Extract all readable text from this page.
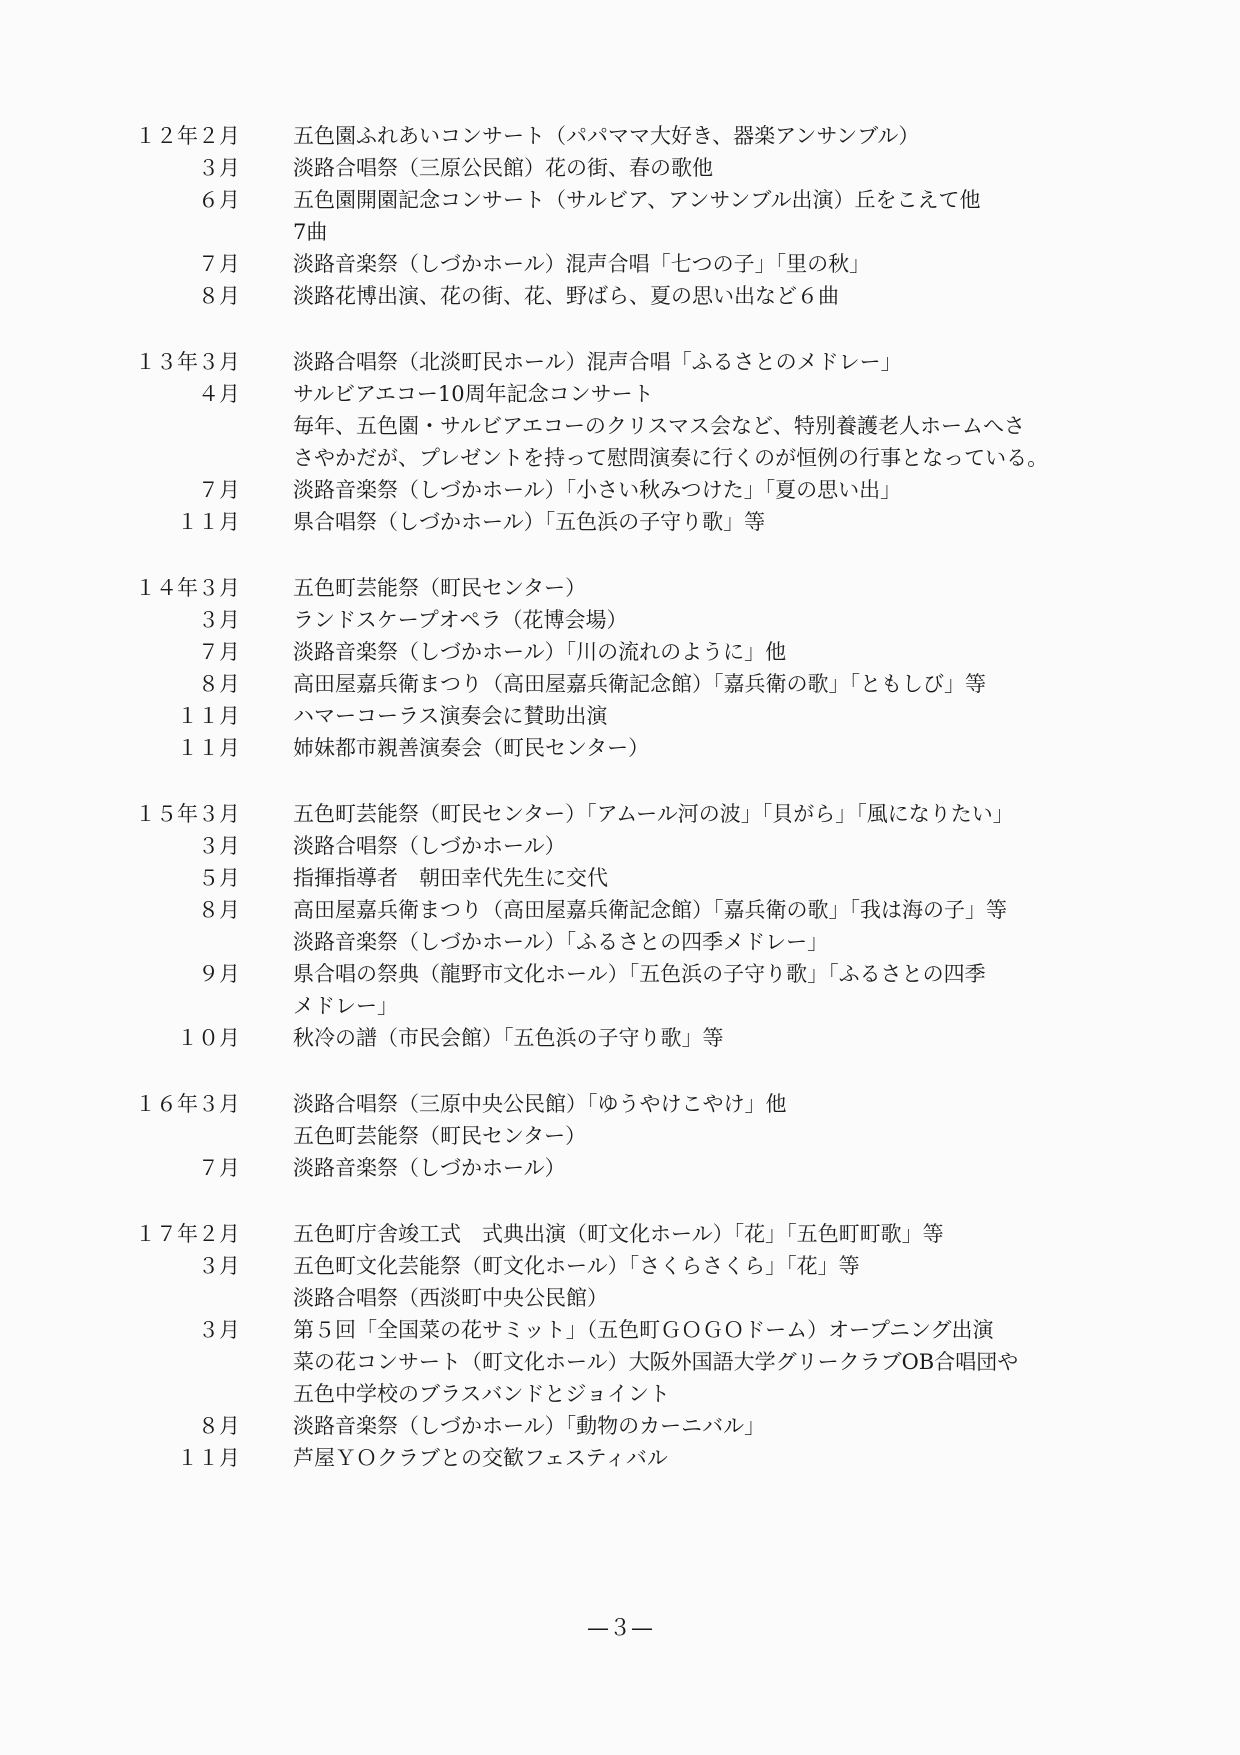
１２年２月	五色園ふれあいコンサート（パパママ大好き、器楽アンサンブル）
３月	淡路合唱祭（三原公民館）花の街、春の歌他
６月	五色園開園記念コンサート（サルビア、アンサンブル出演）丘をこえて他
7曲
７月	淡路音楽祭（しづかホール）混声合唱「七つの子」「里の秋」
８月	淡路花博出演、花の街、花、野ばら、夏の思い出など６曲
１３年３月	淡路合唱祭（北淡町民ホール）混声合唱「ふるさとのメドレー」
４月	サルビアエコー10周年記念コンサート
毎年、五色園・サルビアエコーのクリスマス会など、特別養護老人ホームへさ
さやかだが、プレゼントを持って慰問演奏に行くのが恒例の行事となっている。
７月	淡路音楽祭（しづかホール）「小さい秋みつけた」「夏の思い出」
１１月	県合唱祭（しづかホール）「五色浜の子守り歌」等
１４年３月	五色町芸能祭（町民センター）
３月	ランドスケープオペラ（花博会場）
７月	淡路音楽祭（しづかホール）「川の流れのように」他
８月	高田屋嘉兵衛まつり（高田屋嘉兵衛記念館）「嘉兵衛の歌」「ともしび」等
１１月	ハマーコーラス演奏会に賛助出演
１１月	姉妹都市親善演奏会（町民センター）
１５年３月	五色町芸能祭（町民センター）「アムール河の波」「貝がら」「風になりたい」
３月	淡路合唱祭（しづかホール）
５月	指揮指導者　朝田幸代先生に交代
８月	高田屋嘉兵衛まつり（高田屋嘉兵衛記念館）「嘉兵衛の歌」「我は海の子」等
淡路音楽祭（しづかホール）「ふるさとの四季メドレー」
９月	県合唱の祭典（龍野市文化ホール）「五色浜の子守り歌」「ふるさとの四季
メドレー」
１０月	秋冷の譜（市民会館）「五色浜の子守り歌」等
１６年３月	淡路合唱祭（三原中央公民館）「ゆうやけこやけ」他
五色町芸能祭（町民センター）
７月	淡路音楽祭（しづかホール）
１７年２月	五色町庁舎竣工式　式典出演（町文化ホール）「花」「五色町町歌」等
３月	五色町文化芸能祭（町文化ホール）「さくらさくら」「花」等
淡路合唱祭（西淡町中央公民館）
３月	第５回「全国菜の花サミット」（五色町ＧＯＧＯドーム）オープニング出演
菜の花コンサート（町文化ホール）大阪外国語大学グリークラブOB合唱団や
五色中学校のブラスバンドとジョイント
８月	淡路音楽祭（しづかホール）「動物のカーニバル」
１１月	芦屋ＹＯクラブとの交歓フェスティバル
—３—
